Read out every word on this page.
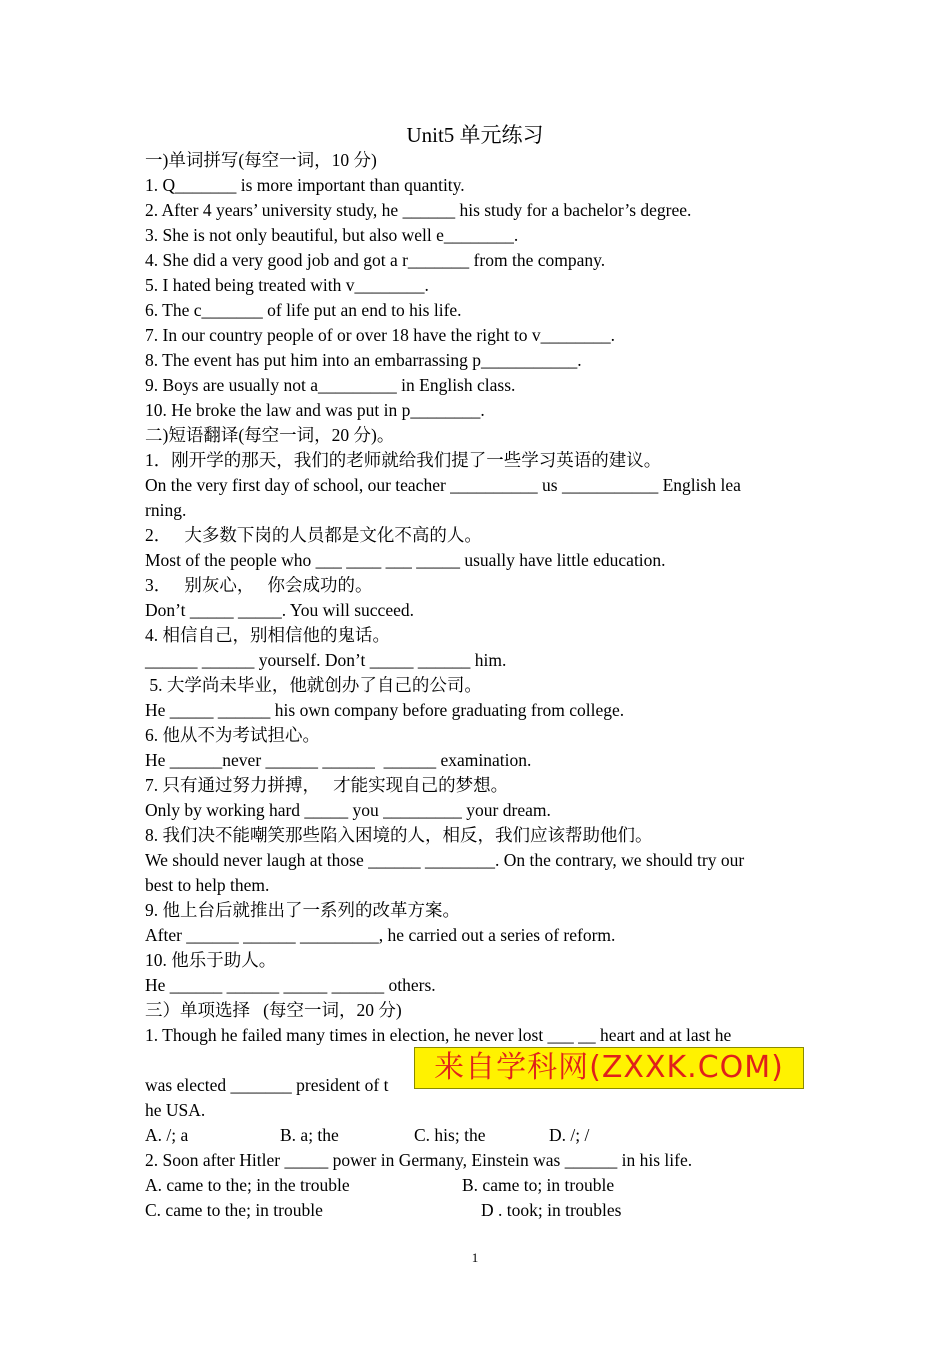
Unit5 单元练习
一)单词拼写(每空一词，10 分)
1. Q_______ is more important than quantity.
2. After 4 years’ university study, he ______ his study for a bachelor’s degree.
3. She is not only beautiful, but also well e________.
4. She did a very good job and got a r_______ from the company.
5. I hated being treated with v________.
6. The c_______ of life put an end to his life.
7. In our country people of or over 18 have the right to v________.
8. The event has put him into an embarrassing p___________.
9. Boys are usually not a_________ in English class.
10. He broke the law and was put in p________.
二)短语翻译(每空一词，20 分)。
1．刚开学的那天，我们的老师就给我们提了一些学习英语的建议。
On the very first day of school, our teacher __________ us ___________ English lea
rning.
2．   大多数下岗的人员都是文化不高的人。
Most of the people who ___ ____ ___ _____ usually have little education.
3．   别灰心，   你会成功的。
Don’t _____ _____. You will succeed.
4. 相信自己，别相信他的鬼话。
______ ______ yourself. Don’t _____ ______ him.
5. 大学尚未毕业，他就创办了自己的公司。
He _____ ______ his own company before graduating from college.
6. 他从不为考试担心。
He ______never ______ ______  ______ examination.
7. 只有通过努力拼搏，   才能实现自己的梦想。
Only by working hard _____ you _________ your dream.
8. 我们决不能嘲笑那些陷入困境的人，相反，我们应该帮助他们。
We should never laugh at those ______ ________. On the contrary, we should try our
best to help them.
9. 他上台后就推出了一系列的改革方案。
After ______ ______ _________, he carried out a series of reform.
10. 他乐于助人。
He ______ ______ _____ ______ others.
三）单项选择   (每空一词，20 分)
1. Though he failed many times in election, he never lost ___ __ heart and at last he
was elected _______ president of t
he USA.
A. /; a	B. a; the	C. his; the	D. /; /
2. Soon after Hitler _____ power in Germany, Einstein was ______ in his life.
A. came to the; in the trouble	B. came to; in trouble
C. came to the; in trouble	D . took; in troubles
来自学科网(ZXXK.COM)
1
